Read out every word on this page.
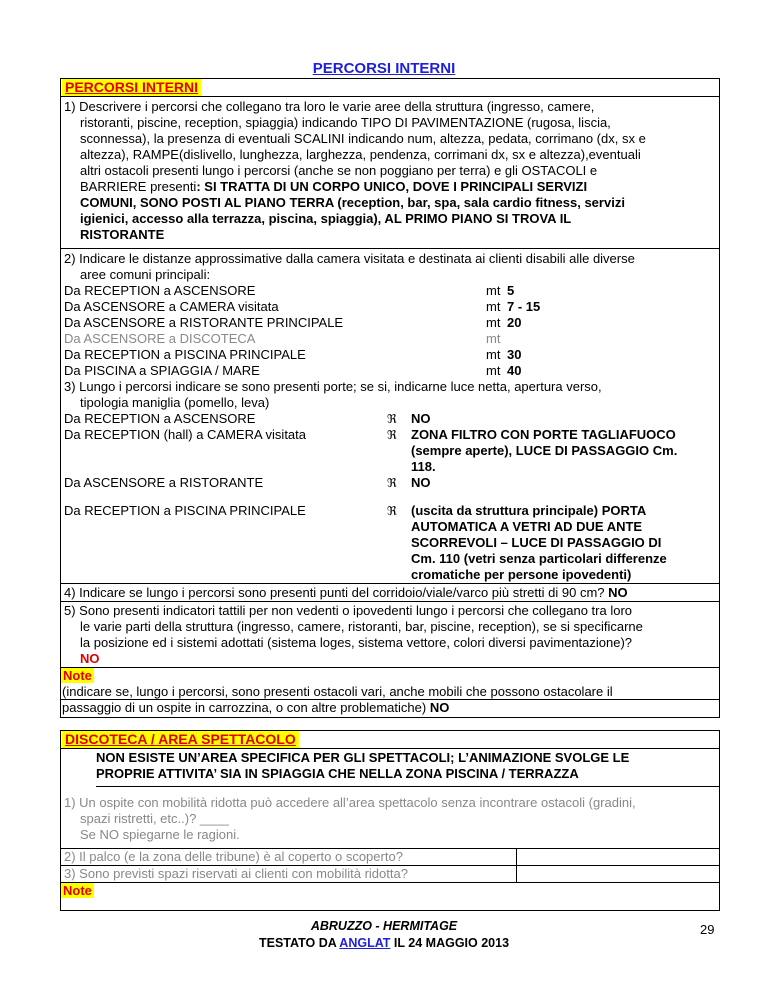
PERCORSI INTERNI
PERCORSI INTERNI
1) Descrivere i percorsi che collegano tra loro le varie aree della struttura (ingresso, camere,
ristoranti, piscine, reception, spiaggia) indicando TIPO DI PAVIMENTAZIONE (rugosa, liscia,
sconnessa), la presenza di eventuali SCALINI indicando num, altezza, pedata, corrimano (dx, sx e
altezza), RAMPE(dislivello, lunghezza, larghezza, pendenza, corrimani dx, sx e altezza),eventuali
altri ostacoli presenti lungo i percorsi (anche se non poggiano per terra) e gli OSTACOLI e
BARRIERE presenti: SI TRATTA DI UN CORPO UNICO, DOVE I PRINCIPALI SERVIZI
COMUNI, SONO POSTI AL PIANO TERRA (reception, bar, spa, sala cardio fitness, servizi
igienici, accesso alla terrazza, piscina, spiaggia), AL PRIMO PIANO SI TROVA IL
RISTORANTE
2) Indicare le distanze approssimative dalla camera visitata e destinata ai clienti disabili alle diverse
aree comuni principali:
Da RECEPTION a ASCENSORE	mt 5
Da ASCENSORE a CAMERA visitata	mt 7 - 15
Da ASCENSORE a RISTORANTE PRINCIPALE	mt 20
Da ASCENSORE a DISCOTECA	mt
Da RECEPTION a PISCINA PRINCIPALE	mt 30
Da PISCINA a SPIAGGIA / MARE	mt 40
3) Lungo i percorsi indicare se sono presenti porte; se si, indicarne luce netta, apertura verso,
tipologia maniglia (pomello, leva)
Da RECEPTION a ASCENSORE	ℜ NO
Da RECEPTION (hall) a CAMERA visitata	ℜ ZONA FILTRO CON PORTE TAGLIAFUOCO
(sempre aperte), LUCE DI PASSAGGIO Cm.
118.
Da ASCENSORE a RISTORANTE	ℜ NO
Da RECEPTION a PISCINA PRINCIPALE	ℜ (uscita da struttura principale) PORTA
AUTOMATICA A VETRI AD DUE ANTE
SCORREVOLI – LUCE DI PASSAGGIO DI
Cm. 110 (vetri senza particolari differenze
cromatiche per persone ipovedenti)
4) Indicare se lungo i percorsi sono presenti punti del corridoio/viale/varco più stretti di 90 cm? NO
5) Sono presenti indicatori tattili per non vedenti o ipovedenti lungo i percorsi che collegano tra loro
le varie parti della struttura (ingresso, camere, ristoranti, bar, piscine, reception), se si specificarne
la posizione ed i sistemi adottati (sistema loges, sistema vettore, colori diversi pavimentazione)?
NO
Note
(indicare se, lungo i percorsi, sono presenti ostacoli vari, anche mobili che possono ostacolare il
passaggio di un ospite in carrozzina, o con altre problematiche) NO
DISCOTECA / AREA SPETTACOLO
NON ESISTE UN’AREA SPECIFICA PER GLI SPETTACOLI; L’ANIMAZIONE SVOLGE LE
PROPRIE ATTIVITA’ SIA IN SPIAGGIA CHE NELLA ZONA PISCINA / TERRAZZA
1) Un ospite con mobilità ridotta può accedere all’area spettacolo senza incontrare ostacoli (gradini,
spazi ristretti, etc..)? ____
Se NO spiegarne le ragioni.
2) Il palco (e la zona delle tribune) è al coperto o scoperto?
3) Sono previsti spazi riservati ai clienti con mobilità ridotta?
Note
ABRUZZO - HERMITAGE
TESTATO DA ANGLAT IL 24 MAGGIO 2013
29
